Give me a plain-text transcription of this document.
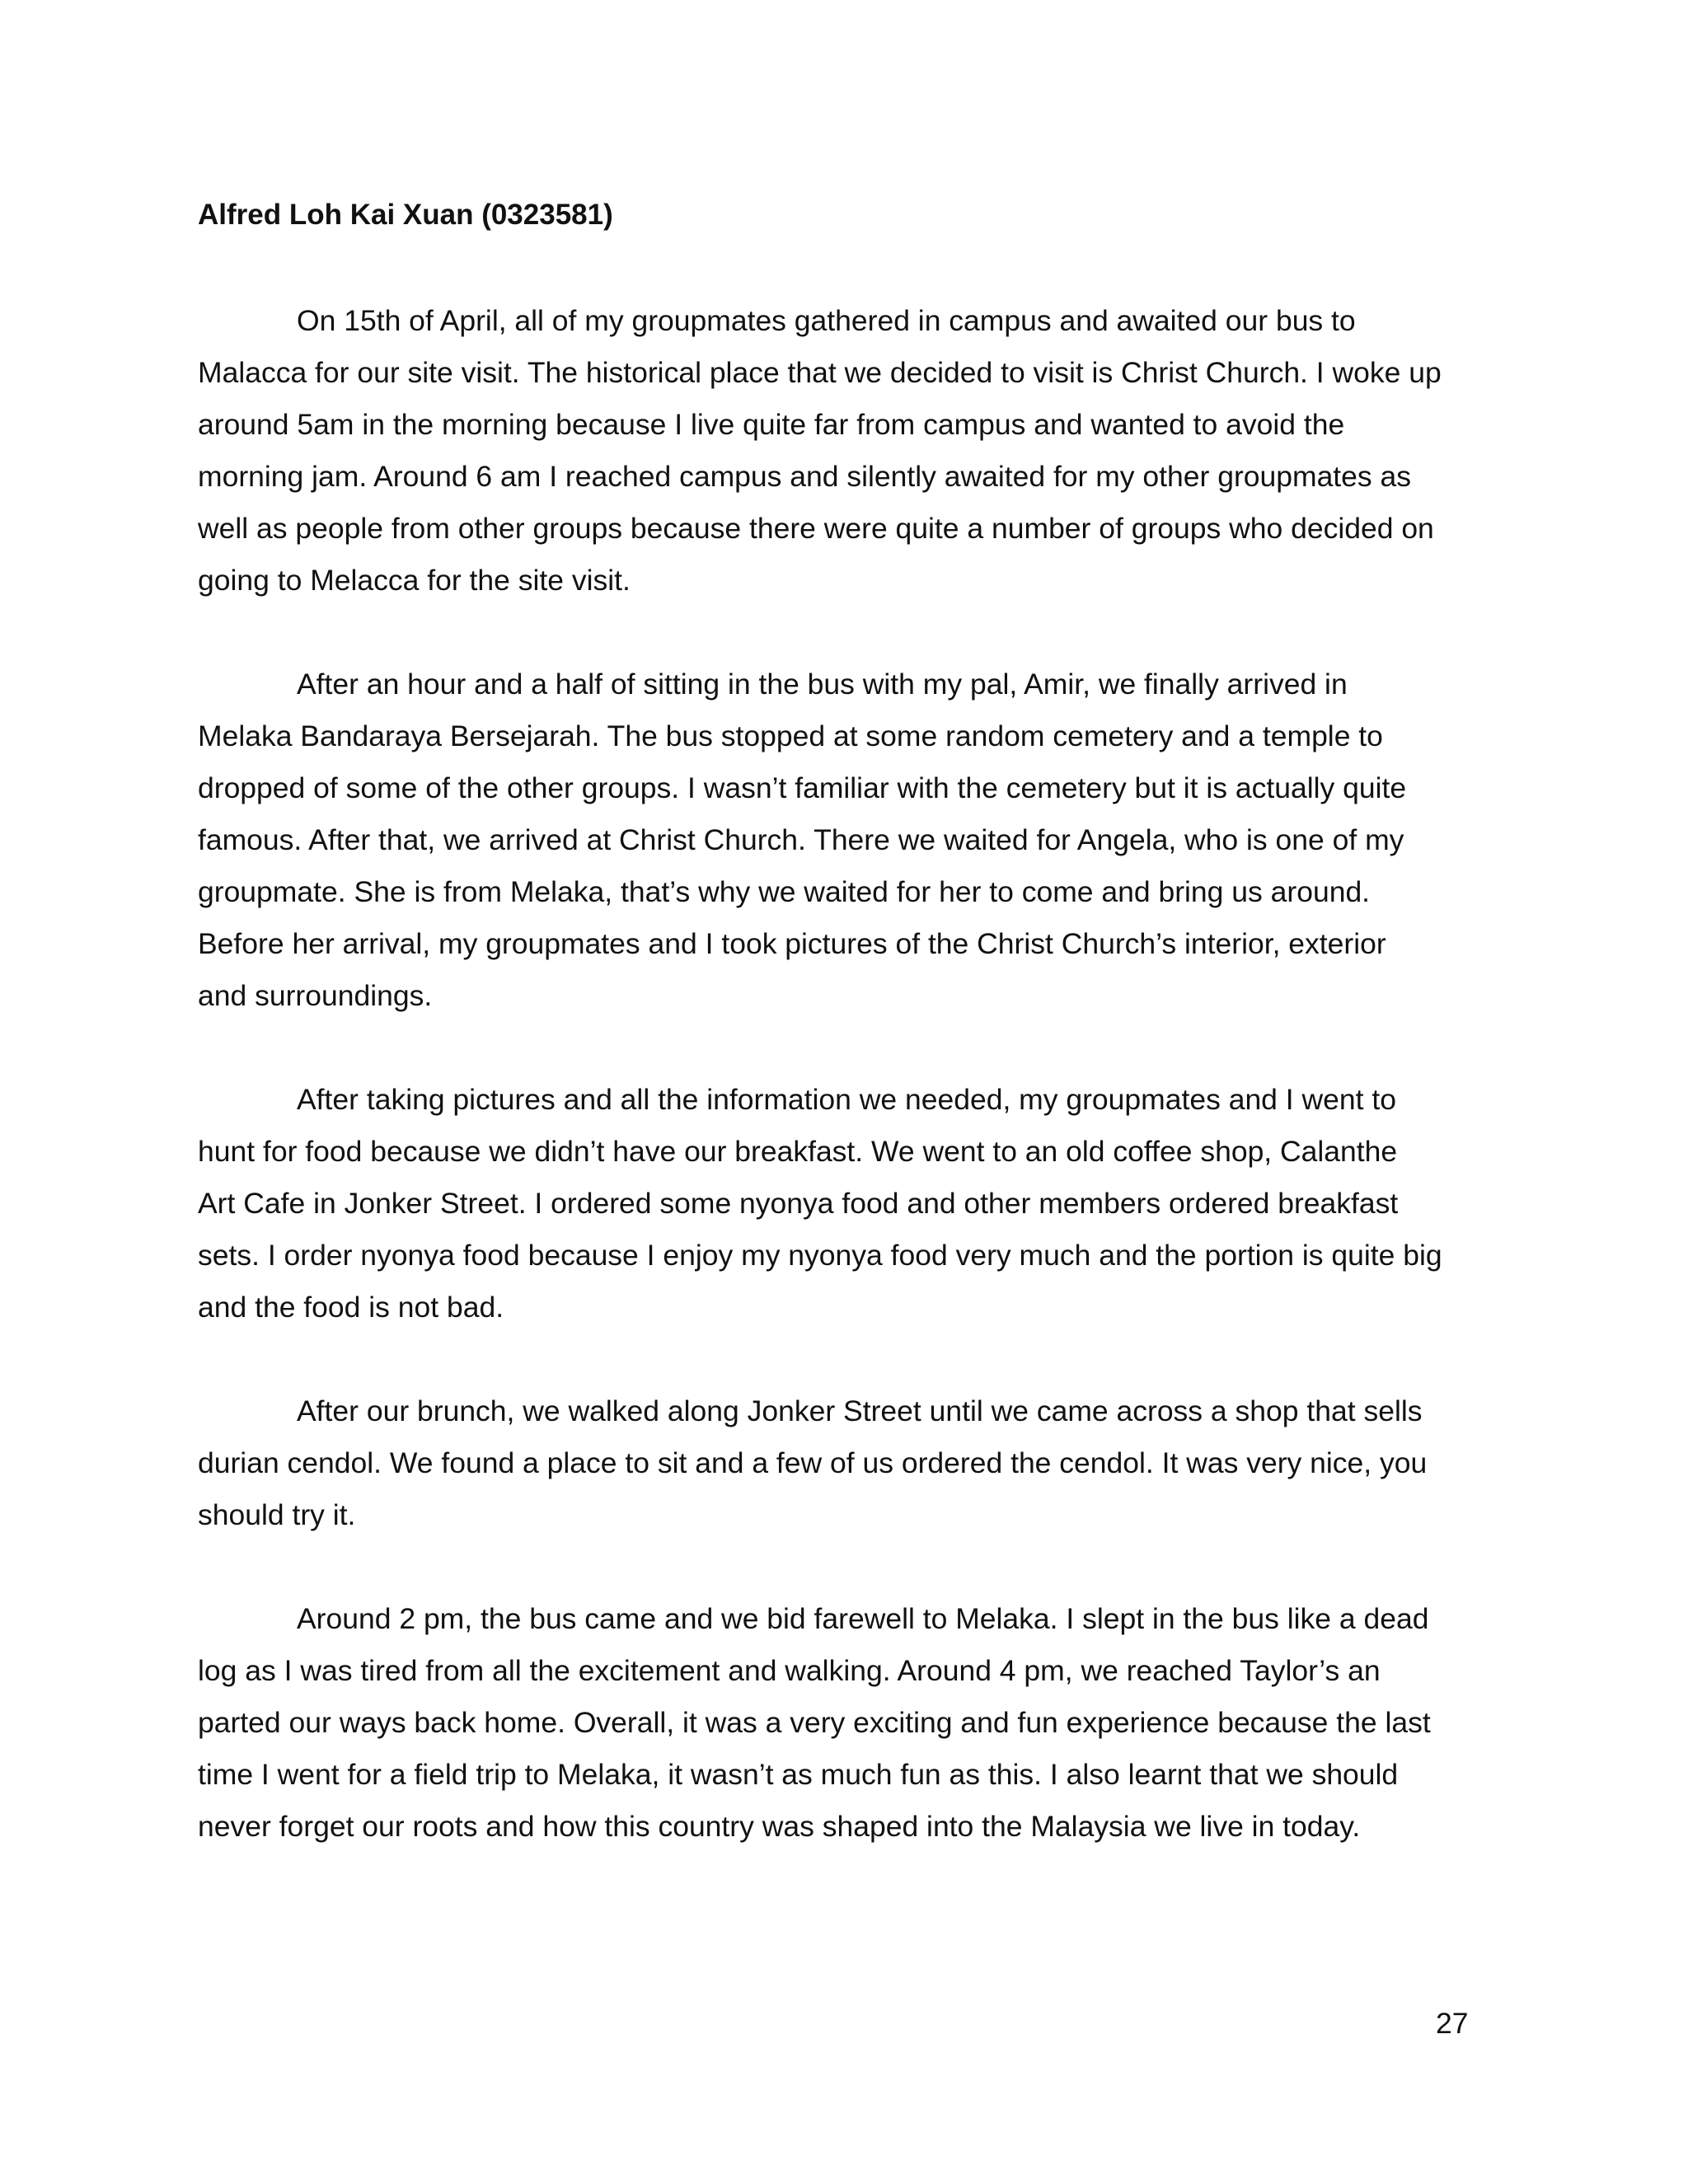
Alfred Loh Kai Xuan (0323581)
On 15th of April, all of my groupmates gathered in campus and awaited our bus to
Malacca for our site visit. The historical place that we decided to visit is Christ Church. I woke up
around 5am in the morning because I live quite far from campus and wanted to avoid the
morning jam. Around 6 am I reached campus and silently awaited for my other groupmates as
well as people from other groups because there were quite a number of groups who decided on
going to Melacca for the site visit.
After an hour and a half of sitting in the bus with my pal, Amir, we finally arrived in
Melaka Bandaraya Bersejarah. The bus stopped at some random cemetery and a temple to
dropped of some of the other groups. I wasn’t familiar with the cemetery but it is actually quite
famous. After that, we arrived at Christ Church. There we waited for Angela, who is one of my
groupmate. She is from Melaka, that’s why we waited for her to come and bring us around.
Before her arrival, my groupmates and I took pictures of the Christ Church’s interior, exterior
and surroundings.
After taking pictures and all the information we needed, my groupmates and I went to
hunt for food because we didn’t have our breakfast. We went to an old coffee shop, Calanthe
Art Cafe in Jonker Street. I ordered some nyonya food and other members ordered breakfast
sets. I order nyonya food because I enjoy my nyonya food very much and the portion is quite big
and the food is not bad.
After our brunch, we walked along Jonker Street until we came across a shop that sells
durian cendol. We found a place to sit and a few of us ordered the cendol. It was very nice, you
should try it.
Around 2 pm, the bus came and we bid farewell to Melaka. I slept in the bus like a dead
log as I was tired from all the excitement and walking. Around 4 pm, we reached Taylor’s an
parted our ways back home. Overall, it was a very exciting and fun experience because the last
time I went for a field trip to Melaka, it wasn’t as much fun as this. I also learnt that we should
never forget our roots and how this country was shaped into the Malaysia we live in today.
27
